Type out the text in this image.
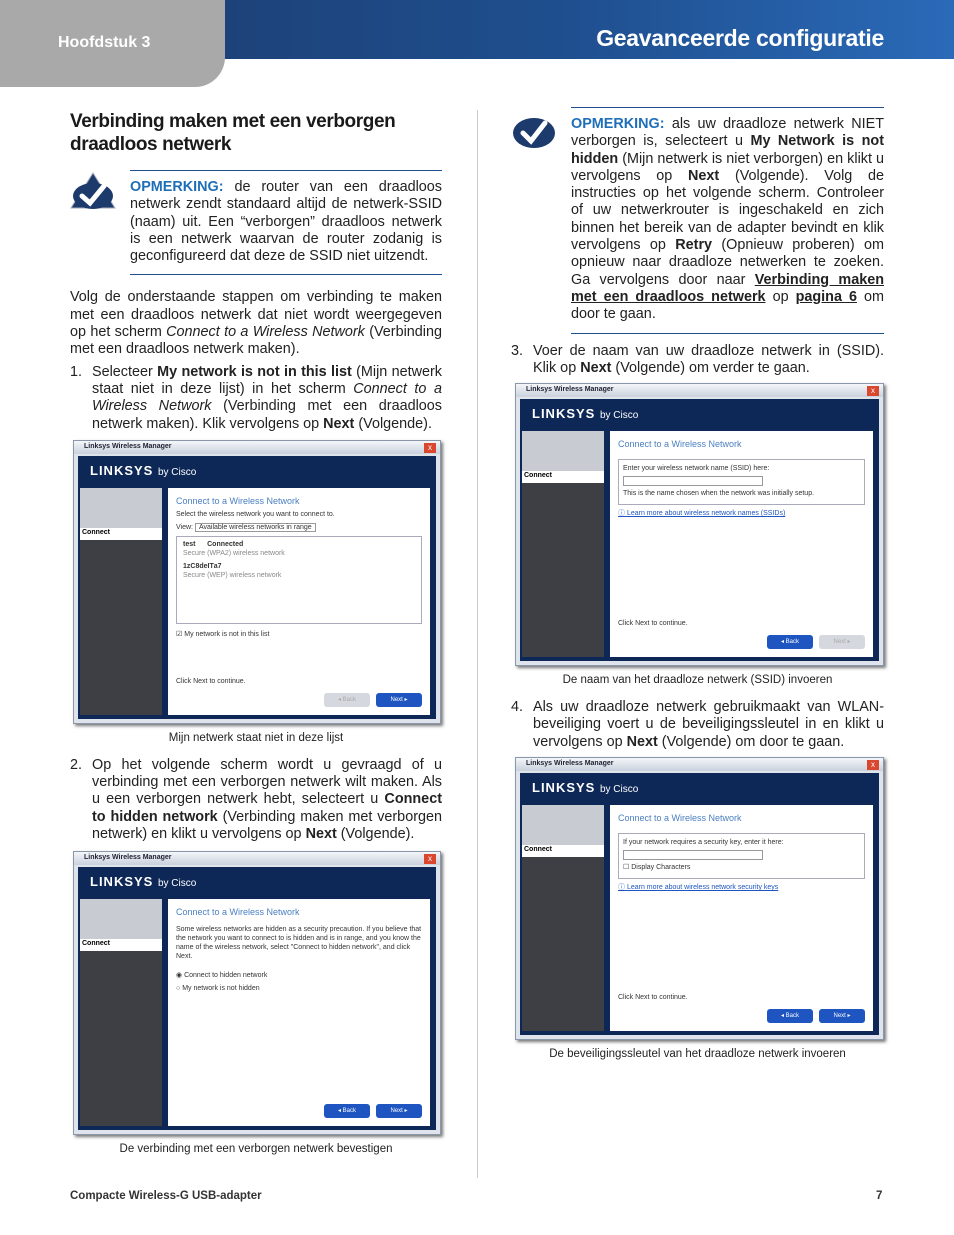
Hoofdstuk 3	Geavanceerde configuratie
Verbinding maken met een verborgen draadloos netwerk

OPMERKING: de router van een draadloos netwerk zendt standaard altijd de netwerk-SSID (naam) uit. Een “verborgen” draadloos netwerk is een netwerk waarvan de router zodanig is geconfigureerd dat deze de SSID niet uitzendt.

Volg de onderstaande stappen om verbinding te maken met een draadloos netwerk dat niet wordt weergegeven op het scherm Connect to a Wireless Network (Verbinding met een draadloos netwerk maken).

1. Selecteer My network is not in this list (Mijn netwerk staat niet in deze lijst) in het scherm Connect to a Wireless Network (Verbinding met een draadloos netwerk maken). Klik vervolgens op Next (Volgende).
Linksys Wireless Manager	x
LINKSYS by Cisco
Connect
Connect to a Wireless Network
Select the wireless network you want to connect to.
View: Available wireless networks in range
test Connected
Secure (WPA2) wireless network
1zC8deIТa7
Secure (WEP) wireless network
☑ My network is not in this list
Click Next to continue.
◂ Back	Next ▸
Mijn netwerk staat niet in deze lijst
2. Op het volgende scherm wordt u gevraagd of u verbinding met een verborgen netwerk wilt maken. Als u een verborgen netwerk hebt, selecteert u Connect to hidden network (Verbinding maken met verborgen netwerk) en klikt u vervolgens op Next (Volgende).
Linksys Wireless Manager	x
LINKSYS by Cisco
Connect
Connect to a Wireless Network
Some wireless networks are hidden as a security precaution. If you believe that the network you want to connect to is hidden and is in range, and you know the name of the wireless network, select "Connect to hidden network", and click Next.
◉ Connect to hidden network
○ My network is not hidden
◂ Back	Next ▸
De verbinding met een verborgen netwerk bevestigen

OPMERKING: als uw draadloze netwerk NIET verborgen is, selecteert u My Network is not hidden (Mijn netwerk is niet verborgen) en klikt u vervolgens op Next (Volgende). Volg de instructies op het volgende scherm. Controleer of uw netwerkrouter is ingeschakeld en zich binnen het bereik van de adapter bevindt en klik vervolgens op Retry (Opnieuw proberen) om opnieuw naar draadloze netwerken te zoeken. Ga vervolgens door naar Verbinding maken met een draadloos netwerk op pagina 6 om door te gaan.

3. Voer de naam van uw draadloze netwerk in (SSID). Klik op Next (Volgende) om verder te gaan.
Linksys Wireless Manager	x
LINKSYS by Cisco
Connect
Connect to a Wireless Network
Enter your wireless network name (SSID) here:
This is the name chosen when the network was initially setup.
ⓘ Learn more about wireless network names (SSIDs)
Click Next to continue.
◂ Back	Next ▸
De naam van het draadloze netwerk (SSID) invoeren
4. Als uw draadloze netwerk gebruikmaakt van WLAN-beveiliging voert u de beveiligingssleutel in en klikt u vervolgens op Next (Volgende) om door te gaan.
Linksys Wireless Manager	x
LINKSYS by Cisco
Connect
Connect to a Wireless Network
If your network requires a security key, enter it here:
☐ Display Characters
ⓘ Learn more about wireless network security keys
Click Next to continue.
◂ Back	Next ▸
De beveiligingssleutel van het draadloze netwerk invoeren
Compacte Wireless-G USB-adapter	7
